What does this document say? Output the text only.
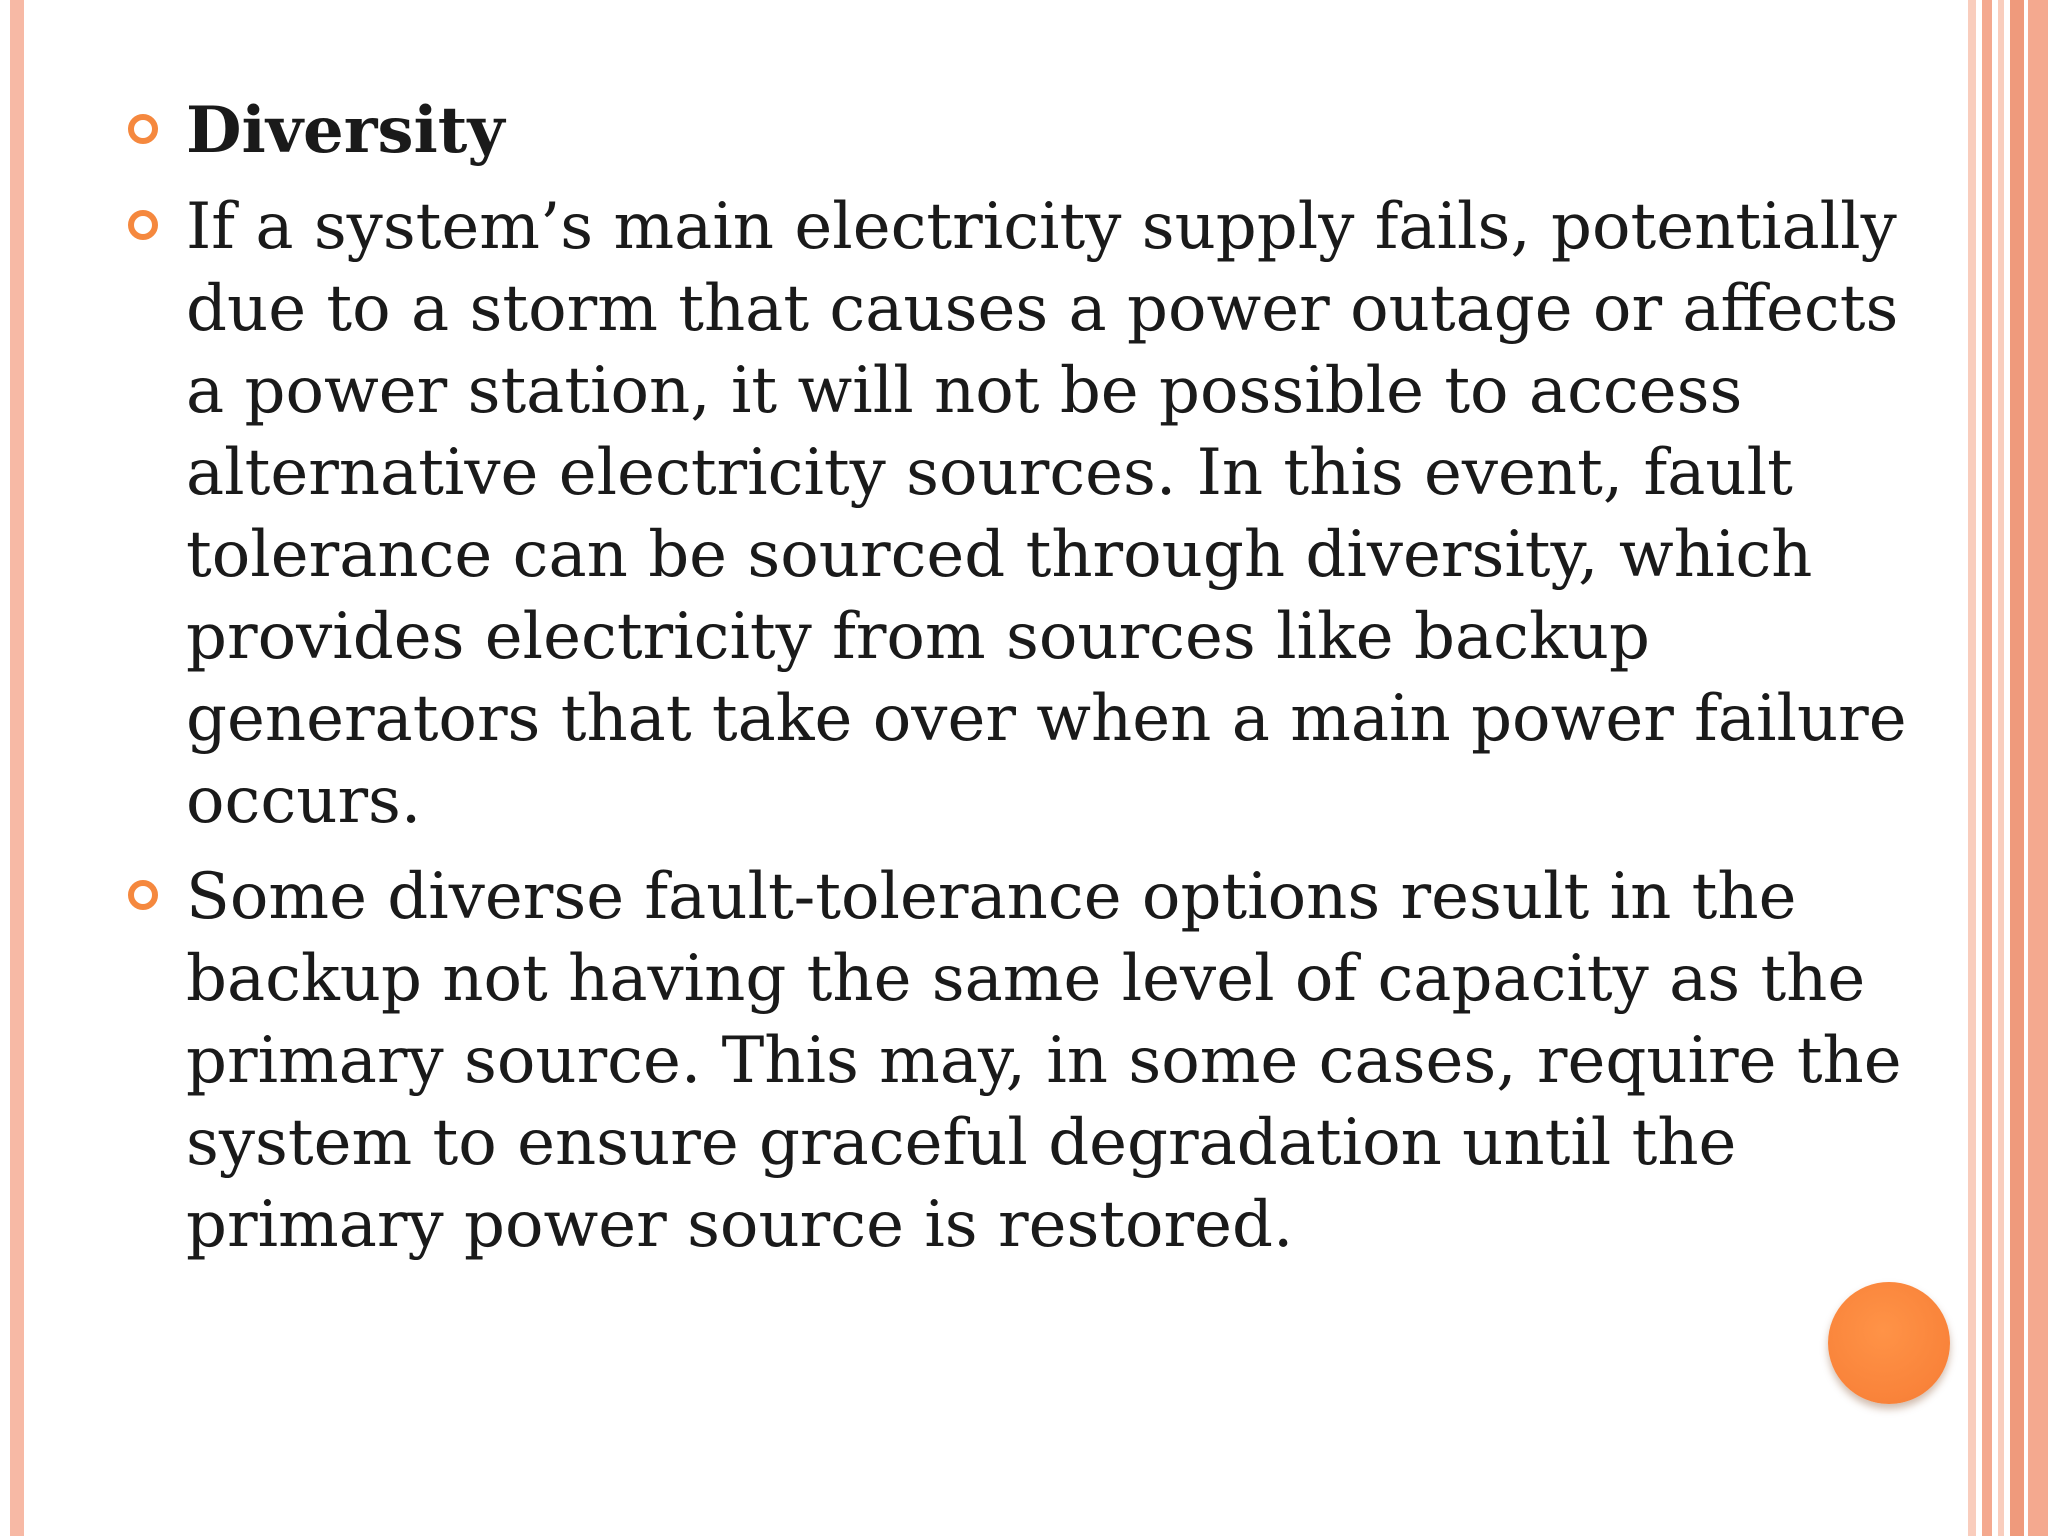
Diversity
If a system’s main electricity supply fails, potentially due to a storm that causes a power outage or affects a power station, it will not be possible to access alternative electricity sources. In this event, fault tolerance can be sourced through diversity, which provides electricity from sources like backup generators that take over when a main power failure occurs.
Some diverse fault-tolerance options result in the backup not having the same level of capacity as the primary source. This may, in some cases, require the system to ensure graceful degradation until the primary power source is restored.
